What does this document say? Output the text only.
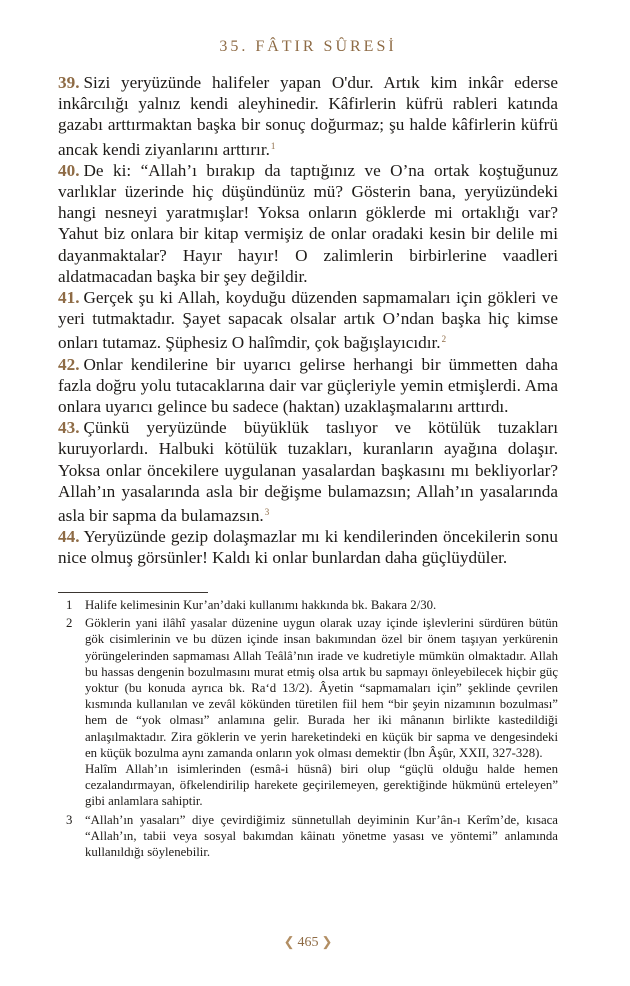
35. FÂTIR SÛRESİ

39. Sizi yeryüzünde halifeler yapan O'dur. Artık kim inkâr ederse inkârcılığı yalnız kendi aleyhinedir. Kâfirlerin küfrü rableri katında gazabı arttırmaktan başka bir sonuç doğurmaz; şu halde kâfirlerin küfrü ancak kendi ziyanlarını arttırır.$^1$

40. De ki: “Allah’ı bırakıp da taptığınız ve O’na ortak koştuğunuz varlıklar üzerinde hiç düşündünüz mü? Gösterin bana, yeryüzündeki hangi nesneyi yaratmışlar! Yoksa onların göklerde mi ortaklığı var? Yahut biz onlara bir kitap vermişiz de onlar oradaki kesin bir delile mi dayanmaktalar? Hayır hayır! O zalimlerin birbirlerine vaadleri aldatmacadan başka bir şey değildir.

41. Gerçek şu ki Allah, koyduğu düzenden sapmamaları için gökleri ve yeri tutmaktadır. Şayet sapacak olsalar artık O’ndan başka hiç kimse onları tutamaz. Şüphesiz O halîmdir, çok bağışlayıcıdır.$^2$

42. Onlar kendilerine bir uyarıcı gelirse herhangi bir ümmetten daha fazla doğru yolu tutacaklarına dair var güçleriyle yemin etmişlerdi. Ama onlara uyarıcı gelince bu sadece (haktan) uzaklaşmalarını arttırdı.

43. Çünkü yeryüzünde büyüklük taslıyor ve kötülük tuzakları kuruyorlardı. Halbuki kötülük tuzakları, kuranların ayağına dolaşır. Yoksa onlar öncekilere uygulanan yasalardan başkasını mı bekliyorlar? Allah’ın yasalarında asla bir değişme bulamazsın; Allah’ın yasalarında asla bir sapma da bulamazsın.$^3$

44. Yeryüzünde gezip dolaşmazlar mı ki kendilerinden öncekilerin sonu nice olmuş görsünler! Kaldı ki onlar bunlardan daha güçlüydüler.

1 Halife kelimesinin Kur’an’daki kullanımı hakkında bk. Bakara 2/30.

2 Göklerin yani ilâhî yasalar düzenine uygun olarak uzay içinde işlevlerini sürdüren bütün gök cisimlerinin ve bu düzen içinde insan bakımından özel bir önem taşıyan yerkürenin yörüngelerinden sapmaması Allah Teâlâ’nın irade ve kudretiyle mümkün olmaktadır. Allah bu hassas dengenin bozulmasını murat etmiş olsa artık bu sapmayı önleyebilecek hiçbir güç yoktur (bu konuda ayrıca bk. Ra‘d 13/2). Âyetin “sapmamaları için” şeklinde çevrilen kısmında kullanılan ve zevâl kökünden türetilen fiil hem “bir şeyin nizamının bozulması” hem de “yok olması” anlamına gelir. Burada her iki mânanın birlikte kastedildiği anlaşılmaktadır. Zira göklerin ve yerin hareketindeki en küçük bir sapma ve dengesindeki en küçük bozulma aynı zamanda onların yok olması demektir (İbn Âşûr, XXII, 327-328).

Halîm Allah’ın isimlerinden (esmâ-i hüsnâ) biri olup “güçlü olduğu halde hemen cezalandırmayan, öfkelendirilip harekete geçirilemeyen, gerektiğinde hükmünü erteleyen” gibi anlamlara sahiptir.

3 “Allah’ın yasaları” diye çevirdiğimiz sünnetullah deyiminin Kur’ân-ı Kerîm’de, kısaca “Allah’ın, tabii veya sosyal bakımdan kâinatı yönetme yasası ve yöntemi” anlamında kullanıldığı söylenebilir.

❮ 465 ❯
